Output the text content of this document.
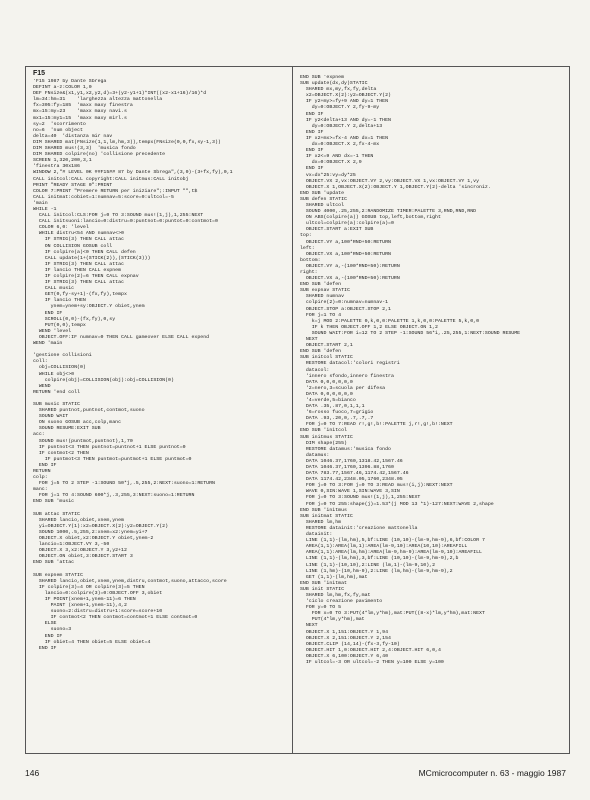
F15
'F15 1987 by Dante Sbrega
DEFINT a-z:COLOR 1,0
DEF FNsize&(x1,y1,x2,y2,d)=3+(y2-y1+1)*INT((x2-x1+16)/16)*d
lm=34:hm=31    'larghezza altezza mattonella
fx=305:fy=185  'maxx maxy finestra
mx=15:my=23    'maxx maxy navi.s
mx1=15:my1=15  'maxx maxy mirl.s
sy=2  'scorrimento
no=6  'num object
delta=40  'distanza mir nav
DIM SHARED mat(FNsize(1,1,lm,hm,3)),tempx(FNsize(0,0,fx,sy-1,3))
DIM SHARED mus!(3,3)  'musica fondo
DIM SHARED colpire(no) 'collisione precedente
SCREEN 1,320,200,3,1
'finestra 30x186
WINDOW 2,"# LEVEL 0K ##F15## 87 by Dante Sbrega",(3,0)-(3+fx,fy),0,1
CALL initcol:CALL copyright:CALL initmus:CALL initobj
PRINT "READY STAGE 0":PRINT
COLOR 7:PRINT "Premere RETURN per iniziare";:INPUT "",t$
CALL initmat:cobiet=1:numnav=5:score=0:ultcol=-5
'main
WHILE -1
CALL initcol:CLS:FOR j=0 TO 3:SOUND mus!(1,j),1,255:NEXT
CALL initsuoni:lancio=0:distru=0:puntnot=0:puntot=0:contmot=0
COLOR 6,0: 'level
WHILE distru<54 AND numnav<>0
IF STRIG(3) THEN CALL attac
ON COLLISION GOSUB coll
IF colpire(a)<0 THEN CALL defen
CALL update(1+(STICK(2)),(STICK(3)))
IF STRIG(3) THEN CALL attac
IF lancio THEN CALL expnem
IF colpire(2)=6 THEN CALL expnav
IF STRIG(3) THEN CALL attac
CALL music
GET(0,fy-sy+1)-(fx,fy),tempx
IF lancio THEN
ynem=ynem+sy:OBJECT.Y obiet,ynem
END IF
SCROLL(0,0)-(fx,fy),0,sy
PUT(0,0),tempx
WEND 'level
OBJECT.OFF:IF numnav=0 THEN CALL gameover ELSE CALL expend
WEND 'main
'gestione collisioni
coll:
obj=COLLISION(0)
WHILE obj<>0
colpire(obj)=COLLISION(obj):obj=COLLISION(0)
WEND
RETURN 'end coll
SUB music STATIC
SHARED puntnot,puntnot,contmot,suono
SOUND WAIT
ON suono GOSUB acc,colp,manc
SOUND RESUME:EXIT SUB
acc:
SOUND mus!(puntmot,puntnot),1,70
IF puntnot<3 THEN puntnot=puntnot+1 ELSE puntnot=0
IF contmot<2 THEN
IF puntmot<3 THEN puntmot=puntmot+1 ELSE puntmot=0
END IF
RETURN
colp:
FOR j=5 TO 2 STEP -1:SOUND 50*j,.5,255,2:NEXT:suono=1:RETURN
manc:
FOR j=1 TO 4:SOUND 600*j,.3,255,3:NEXT:suono=1:RETURN
END SUB 'music
SUB attac STATIC
SHARED lancio,obiet,xnem,ynem
yi=OBJECT.Y(1):x2=OBJECT.X(2):y2=OBJECT.Y(2)
SOUND 1000,.5,255,2:xnem=x2:ynem=yi+7
OBJECT.X obiet,x2:OBJECT.Y obiet,ynem-2
lancio=1:OBJECT.VY 3,-50
OBJECT.X 3,x2:OBJECT.Y 3,y2+12
OBJECT.ON obiet,3:OBJECT.START 3
END SUB 'attac
SUB expnem STATIC
SHARED lancio,obiet,xnem,ynem,distru,contmot,suono,attacco,score
IF colpire(3)=4 OR colpire(3)=5 THEN
lancio=0:colpire(3)=0:OBJECT.OFF 3,obiet
IF POINT(xnem+1,ynem-11)=6 THEN
PAINT (xnem+1,ynem-11),4,2
suono=2:distru=distru+1:score=score+10
IF contmot<2 THEN contmot=contmot+1 ELSE contmot=0
ELSE
suono=3
END IF
IF obiet=4 THEN obiet=5 ELSE obiet=4
END IF
END SUB 'expnem
SUB update(dx,dy)STATIC
SHARED mx,my,fx,fy,delta
x2=OBJECT.X(2):y2=OBJECT.Y(2)
IF y2+my>=fy+9 AND dy=1 THEN
dy=0:OBJECT.Y 2,fy-9-my
END IF
IF y2<delta+13 AND dy=-1 THEN
dy=0:OBJECT.Y 2,delta+13
END IF
IF x2+mx>=fx-4 AND dx=1 THEN
dx=0:OBJECT.X 2,fx-4-mx
END IF
IF x2<=9 AND dx=-1 THEN
dx=0:OBJECT.X 2,9
END IF
vx=dx*25:vy=dy*25
OBJECT.VX 2,vx:OBJECT.VY 2,vy:OBJECT.VX 1,vx:OBJECT.VY 1,vy
OBJECT.X 1,OBJECT.X(2):OBJECT.Y 1,OBJECT.Y(2)-delta 'sincroniz.
END SUB 'update
SUB defen STATIC
SHARED ultcol
SOUND 4000,.25,255,2:RANDOMIZE TIMER:PALETTE 3,RND,RND,RND
ON ABS(colpire(a)) GOSUB top,left,bottom,right
ultcol=colpire(a):colpire(a)=0
OBJECT.START a:EXIT SUB
top:
OBJECT.VY a,100*RND+50:RETURN
left:
OBJECT.VX a,100*RND+50:RETURN
bottom:
OBJECT.VY a,-(100*RND+50):RETURN
right:
OBJECT.VX a,-(100*RND+50):RETURN
END SUB 'defen
SUB expnav STATIC
SHARED numnav
colpire(2)=0:numnav=numnav-1
OBJECT.STOP a:OBJECT.STOP 2,1
FOR j=1 TO 4
k=j MOD 2:PALETTE 0,k,0,0:PALETTE 1,k,0,0:PALETTE 5,k,0,0
IF k THEN OBJECT.OFF 1,2 ELSE OBJECT.ON 1,2
SOUND WAIT:FOR i=12 TO 2 STEP -1:SOUND 56*i,.25,255,1:NEXT:SOUND RESUME
NEXT
OBJECT.START 2,1
END SUB 'defen
SUB initcol STATIC
RESTORE datacol:'colori registri
datacol:
'innero sfondo,innero finestra
DATA 0,0,0,0,0,0
'2=nero,3=scuola per difesa
DATA 0,0,0,0,0,0
'4=verde,5=bianco
DATA .35,.87,0,1,1,1
'6=rosso fuoco,7=grigio
DATA .93,.20,0,.7,.7,.7
FOR j=0 TO 7:READ r!,g!,b!:PALETTE j,r!,g!,b!:NEXT
END SUB 'initcol
SUB initmus STATIC
DIM shape(255)
RESTORE datamus:'musica fondo
datamus:
DATA 1046.37,1760,1318.42,1567.46
DATA 1046.37,1760,1396.88,1760
DATA 783.77,1567.46,1174.42,1567.46
DATA 1174.42,2348.05,1760,2348.05
FOR j=0 TO 3:FOR j=0 TO 3:READ mus!(i,j):NEXT:NEXT
WAVE 0,SIN:WAVE 1,SIN:WAVE 3,SIN
FOR j=0 TO 3:SOUND mus!(1,j),1,255:NEXT
FOR j=0 TO 255:shape(j)=1.53*(j MOD 13 *1)-127:NEXT:WAVE 2,shape
END SUB 'initmus
SUB initmat STATIC
SHARED lm,hm
RESTORE datainit:'creazione mattonella
datainit:
LINE (1,1)-(lm,hm),5,bf:LINE (10,10)-(lm-9,hm-9),6,bf:COLOR 7
AREA(1,1):AREA(lm,1):AREA(lm-9,10):AREA(10,10):AREAFILL
AREA(1,1):AREA(lm,hm):AREA(lm-9,hm-9):AREA(lm-9,10):AREAFILL
LINE (1,1)-(lm,hm),3,bf:LINE (10,10)-(lm-9,hm-9),2,b
LINE (1,1)-(10,10),2:LINE (lm,1)-(lm-9,10),2
LINE (1,hm)-(10,hm-9),2:LINE (lm,hm)-(lm-9,hm-9),2
GET (1,1)-(lm,hm),mat
END SUB 'initmat
SUB init STATIC
SHARED lm,hm,fx,fy,mat
'ciclo creazione pavimento
FOR y=0 TO 5
FOR x=0 TO 3:PUT(4*lm,y*hm),mat:PUT((8-x)*lm,y*hm),mat:NEXT
PUT(4*lm,y*hm),mat
NEXT
OBJECT.X 1,151:OBJECT.Y 1,94
OBJECT.X 2,151:OBJECT.Y 2,154
OBJECT.CLIP (14,14)-(fx-3,fy-10)
OBJECT.HIT 1,0:OBJECT.HIT 2,4:OBJECT.HIT 6,0,4
OBJECT.X 6,100:OBJECT.Y 6,40
IF ultcol=-3 OR ultcol=-2 THEN y=100 ELSE y=100
146	MCmicrocomputer n. 63 - maggio 1987
